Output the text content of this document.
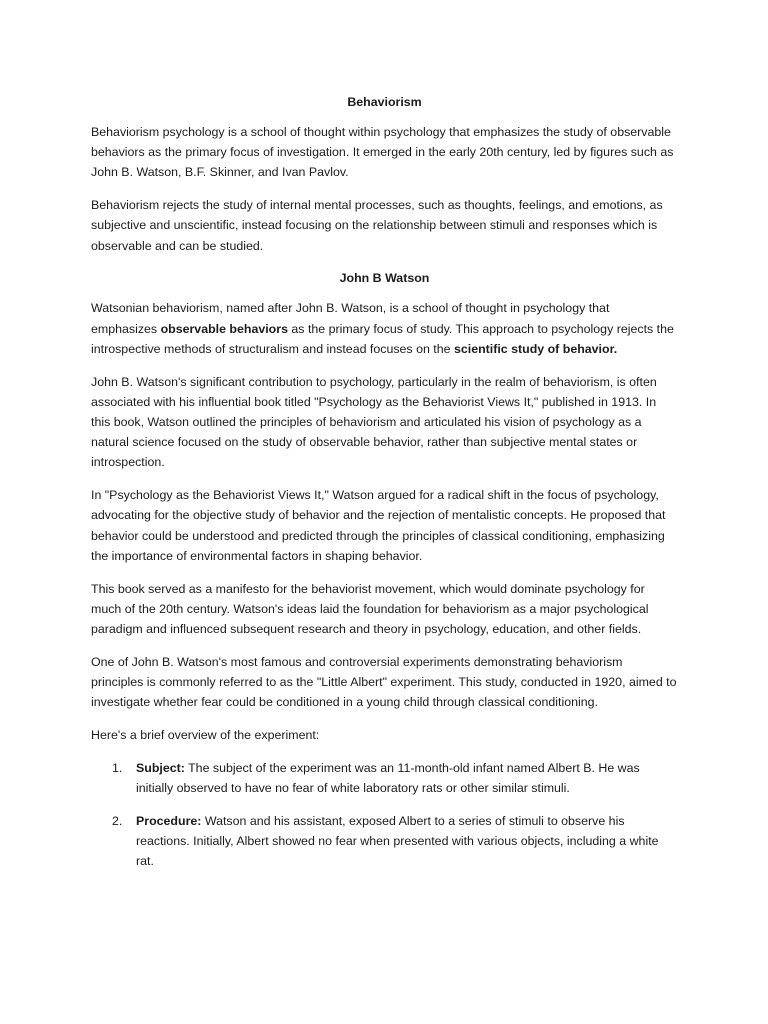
Behaviorism

Behaviorism psychology is a school of thought within psychology that emphasizes the study of observable behaviors as the primary focus of investigation. It emerged in the early 20th century, led by figures such as John B. Watson, B.F. Skinner, and Ivan Pavlov.

Behaviorism rejects the study of internal mental processes, such as thoughts, feelings, and emotions, as subjective and unscientific, instead focusing on the relationship between stimuli and responses which is observable and can be studied.

John B Watson

Watsonian behaviorism, named after John B. Watson, is a school of thought in psychology that emphasizes observable behaviors as the primary focus of study. This approach to psychology rejects the introspective methods of structuralism and instead focuses on the scientific study of behavior.

John B. Watson's significant contribution to psychology, particularly in the realm of behaviorism, is often associated with his influential book titled "Psychology as the Behaviorist Views It," published in 1913. In this book, Watson outlined the principles of behaviorism and articulated his vision of psychology as a natural science focused on the study of observable behavior, rather than subjective mental states or introspection.

In "Psychology as the Behaviorist Views It," Watson argued for a radical shift in the focus of psychology, advocating for the objective study of behavior and the rejection of mentalistic concepts. He proposed that behavior could be understood and predicted through the principles of classical conditioning, emphasizing the importance of environmental factors in shaping behavior.

This book served as a manifesto for the behaviorist movement, which would dominate psychology for much of the 20th century. Watson's ideas laid the foundation for behaviorism as a major psychological paradigm and influenced subsequent research and theory in psychology, education, and other fields.

One of John B. Watson's most famous and controversial experiments demonstrating behaviorism principles is commonly referred to as the "Little Albert" experiment. This study, conducted in 1920, aimed to investigate whether fear could be conditioned in a young child through classical conditioning.

Here's a brief overview of the experiment:

1. Subject: The subject of the experiment was an 11-month-old infant named Albert B. He was initially observed to have no fear of white laboratory rats or other similar stimuli.
2. Procedure: Watson and his assistant, exposed Albert to a series of stimuli to observe his reactions. Initially, Albert showed no fear when presented with various objects, including a white rat.
